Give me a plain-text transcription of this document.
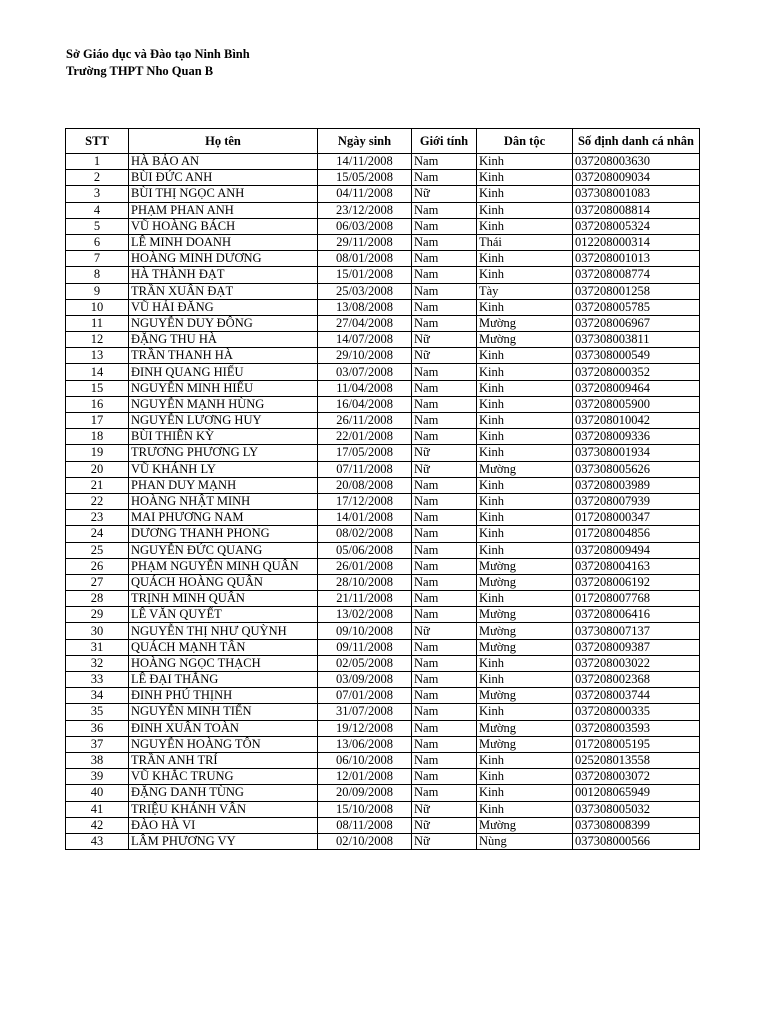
Sở Giáo dục và Đào tạo Ninh Bình
Trường THPT Nho Quan B
STT	Họ tên	Ngày sinh	Giới tính	Dân tộc	Số định danh cá nhân
1	HÀ BẢO AN	14/11/2008	Nam	Kinh	037208003630
2	BÙI ĐỨC ANH	15/05/2008	Nam	Kinh	037208009034
3	BÙI THỊ NGỌC ANH	04/11/2008	Nữ	Kinh	037308001083
4	PHẠM PHAN ANH	23/12/2008	Nam	Kinh	037208008814
5	VŨ HOÀNG BÁCH	06/03/2008	Nam	Kinh	037208005324
6	LÊ MINH DOANH	29/11/2008	Nam	Thái	012208000314
7	HOÀNG MINH DƯƠNG	08/01/2008	Nam	Kinh	037208001013
8	HÀ THÀNH ĐẠT	15/01/2008	Nam	Kinh	037208008774
9	TRẦN XUÂN ĐẠT	25/03/2008	Nam	Tày	037208001258
10	VŨ HẢI ĐĂNG	13/08/2008	Nam	Kinh	037208005785
11	NGUYỄN DUY ĐÔNG	27/04/2008	Nam	Mường	037208006967
12	ĐẶNG THU HÀ	14/07/2008	Nữ	Mường	037308003811
13	TRẦN THANH HÀ	29/10/2008	Nữ	Kinh	037308000549
14	ĐINH QUANG HIẾU	03/07/2008	Nam	Kinh	037208000352
15	NGUYỄN MINH HIẾU	11/04/2008	Nam	Kinh	037208009464
16	NGUYỄN MẠNH HÙNG	16/04/2008	Nam	Kinh	037208005900
17	NGUYỄN LƯƠNG HUY	26/11/2008	Nam	Kinh	037208010042
18	BÙI THIÊN KỲ	22/01/2008	Nam	Kinh	037208009336
19	TRƯƠNG PHƯƠNG LY	17/05/2008	Nữ	Kinh	037308001934
20	VŨ KHÁNH LY	07/11/2008	Nữ	Mường	037308005626
21	PHAN DUY MẠNH	20/08/2008	Nam	Kinh	037208003989
22	HOÀNG NHẬT MINH	17/12/2008	Nam	Kinh	037208007939
23	MAI PHƯƠNG NAM	14/01/2008	Nam	Kinh	017208000347
24	DƯƠNG THANH PHONG	08/02/2008	Nam	Kinh	017208004856
25	NGUYỄN ĐỨC QUANG	05/06/2008	Nam	Kinh	037208009494
26	PHẠM NGUYỄN MINH QUÂN	26/01/2008	Nam	Mường	037208004163
27	QUÁCH HOÀNG QUÂN	28/10/2008	Nam	Mường	037208006192
28	TRỊNH MINH QUÂN	21/11/2008	Nam	Kinh	017208007768
29	LÊ VĂN QUYẾT	13/02/2008	Nam	Mường	037208006416
30	NGUYỄN THỊ NHƯ QUỲNH	09/10/2008	Nữ	Mường	037308007137
31	QUÁCH MẠNH TÂN	09/11/2008	Nam	Mường	037208009387
32	HOÀNG NGỌC THẠCH	02/05/2008	Nam	Kinh	037208003022
33	LÊ ĐẠI THẮNG	03/09/2008	Nam	Kinh	037208002368
34	ĐINH PHÚ THỊNH	07/01/2008	Nam	Mường	037208003744
35	NGUYỄN MINH TIẾN	31/07/2008	Nam	Kinh	037208000335
36	ĐINH XUÂN TOÀN	19/12/2008	Nam	Mường	037208003593
37	NGUYỄN HOÀNG TÔN	13/06/2008	Nam	Mường	017208005195
38	TRẦN ANH TRÍ	06/10/2008	Nam	Kinh	025208013558
39	VŨ KHẮC TRUNG	12/01/2008	Nam	Kinh	037208003072
40	ĐẶNG DANH TÙNG	20/09/2008	Nam	Kinh	001208065949
41	TRIỆU KHÁNH VÂN	15/10/2008	Nữ	Kinh	037308005032
42	ĐÀO HÀ VI	08/11/2008	Nữ	Mường	037308008399
43	LÂM PHƯƠNG VY	02/10/2008	Nữ	Nùng	037308000566
